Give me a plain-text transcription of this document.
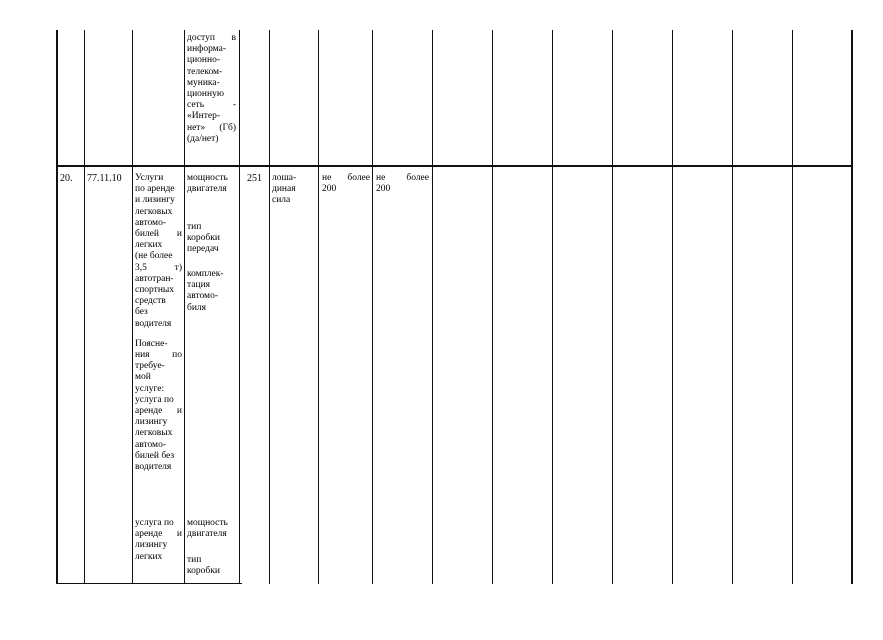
доступ в

информа-

ционно-

телеком-

муника-

ционную

сеть -

«Интер-

нет» (Гб)

(да/нет)

20. 77.11.10 Услуги

по аренде

и лизингу

легковых

автомо-

билей и

легких

(не более

3,5 т)

автотран-

спортных

средств

без

водителя

Поясне-

ния по

требуе-

мой

услуге:

услуга по

аренде и

лизингу

легковых

автомо-

билей без

водителя

услуга по

аренде и

лизингу

легких

мощность

двигателя

тип

коробки

передач

комплек-

тация

автомо-

биля

мощность

двигателя

тип

коробки

251 лоша-

диная

сила

не более

200

не более

200
